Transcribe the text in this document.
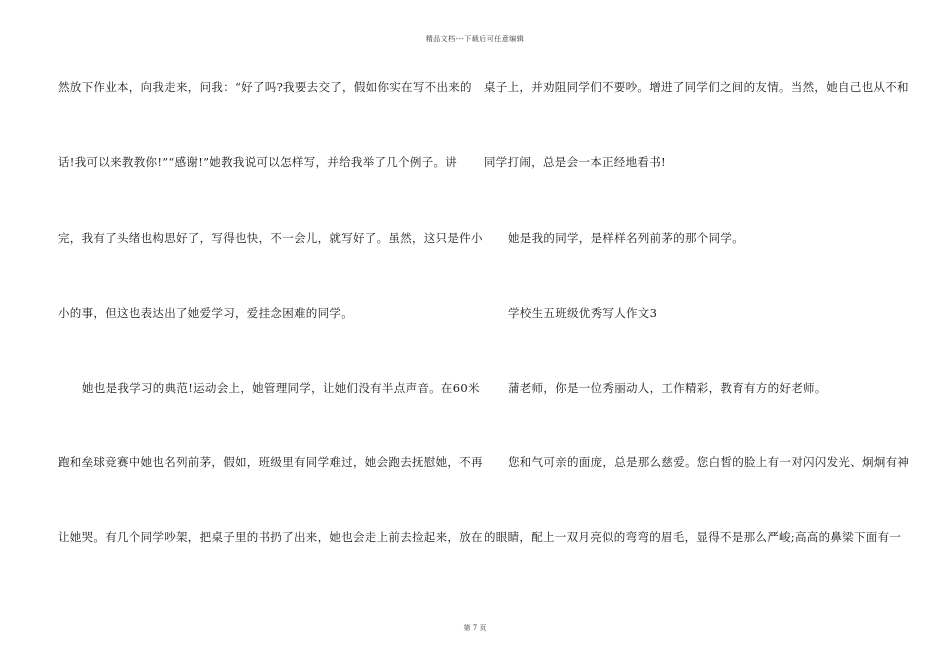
精品文档---下载后可任意编辑
然放下作业本，向我走来，问我：“好了吗?我要去交了，假如你实在写不出来的
话!我可以来教教你!”“感谢!”她教我说可以怎样写，并给我举了几个例子。讲
完，我有了头绪也构思好了，写得也快，不一会儿，就写好了。虽然，这只是件小
小的事，但这也表达出了她爱学习，爱挂念困难的同学。
她也是我学习的典范!运动会上，她管理同学，让她们没有半点声音。在60米
跑和垒球竞赛中她也名列前茅，假如，班级里有同学难过，她会跑去抚慰她，不再
让她哭。有几个同学吵架，把桌子里的书扔了出来，她也会走上前去捡起来，放在
桌子上，并劝阻同学们不要吵。增进了同学们之间的友情。当然，她自己也从不和
同学打闹，总是会一本正经地看书!
她是我的同学，是样样名列前茅的那个同学。
学校生五班级优秀写人作文3
蒲老师，你是一位秀丽动人，工作精彩，教育有方的好老师。
您和气可亲的面庞，总是那么慈爱。您白皙的脸上有一对闪闪发光、炯炯有神
的眼睛，配上一双月亮似的弯弯的眉毛，显得不是那么严峻;高高的鼻梁下面有一
第 7 页
